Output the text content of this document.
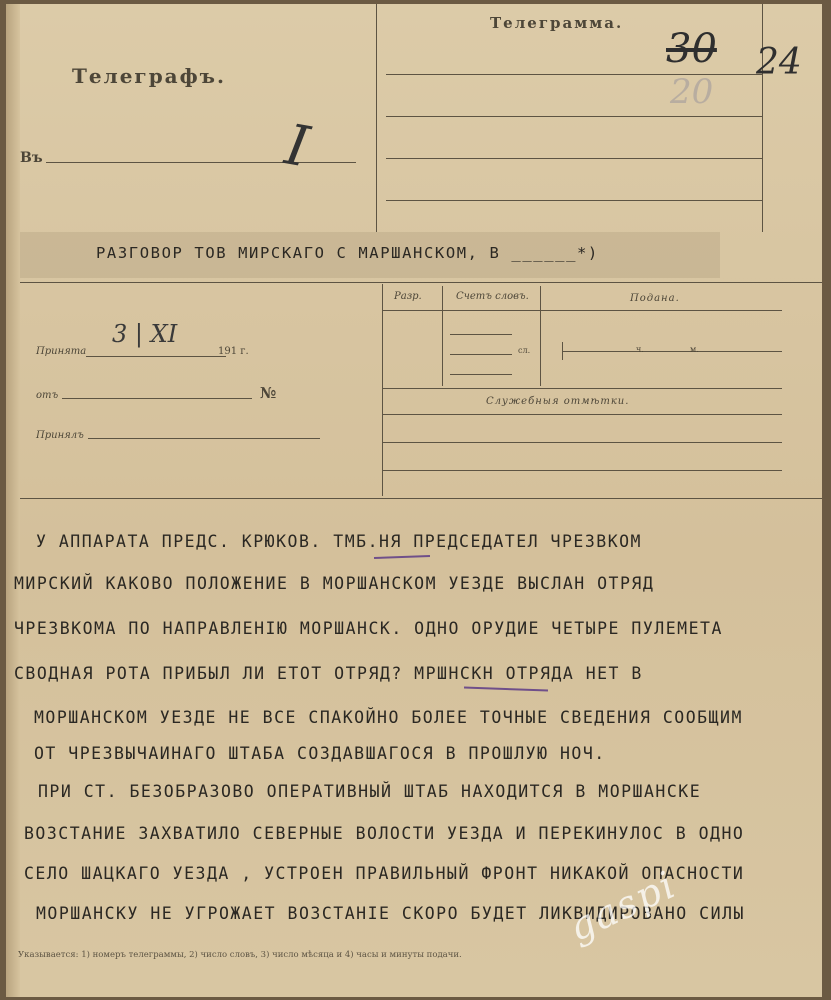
Телеграфъ.
Въ	I
Телеграмма.
30
20
24
РАЗГОВОР ТОВ МИРСКАГО С МАРШАНСКОМ, В ______*)
Принята	191 г.
3 | XI
отъ	№
Принялъ
Разр.	Счетъ словъ.	Подана.
сл.	ч.	м.
Служебныя отмѣтки.
У АППАРАТА ПРЕДС. КРЮКОВ. ТМБ.НЯ ПРЕДСЕДАТЕЛ ЧРЕЗВКОМ
МИРСКИЙ КАКОВО ПОЛОЖЕНИЕ В МОРШАНСКОМ УЕЗДЕ ВЫСЛАН ОТРЯД
ЧРЕЗВКОМА ПО НАПРАВЛЕНIЮ МОРШАНСК. ОДНО ОРУДИЕ ЧЕТЫРЕ ПУЛЕМЕТА
СВОДНАЯ РОТА ПРИБЫЛ ЛИ ЕТОТ ОТРЯД? МРШНСКН ОТРЯДА НЕТ В
МОРШАНСКОМ УЕЗДЕ НЕ ВСЕ СПАКОЙНО БОЛЕЕ ТОЧНЫЕ СВЕДЕНИЯ СООБЩИМ
ОТ ЧРЕЗВЫЧАИНАГО ШТАБА СОЗДАВШАГОСЯ В ПРОШЛУЮ НОЧ.
ПРИ СТ. БЕЗОБРАЗОВО ОПЕРАТИВНЫЙ ШТАБ НАХОДИТСЯ В МОРШАНСКЕ
ВОЗСТАНИЕ ЗАХВАТИЛО СЕВЕРНЫЕ ВОЛОСТИ УЕЗДА И ПЕРЕКИНУЛОС В ОДНО
СЕЛО ШАЦКАГО УЕЗДА , УСТРОЕН ПРАВИЛЬНЫЙ ФРОНТ НИКАКОЙ ОПАСНОСТИ
МОРШАНСКУ НЕ УГРОЖАЕТ ВОЗСТАНIЕ СКОРО БУДЕТ ЛИКВИДИРОВАНО СИЛЫ
Указывается: 1) номеръ телеграммы, 2) число словъ, 3) число мѣсяца и 4) часы и минуты подачи.
gaspi
